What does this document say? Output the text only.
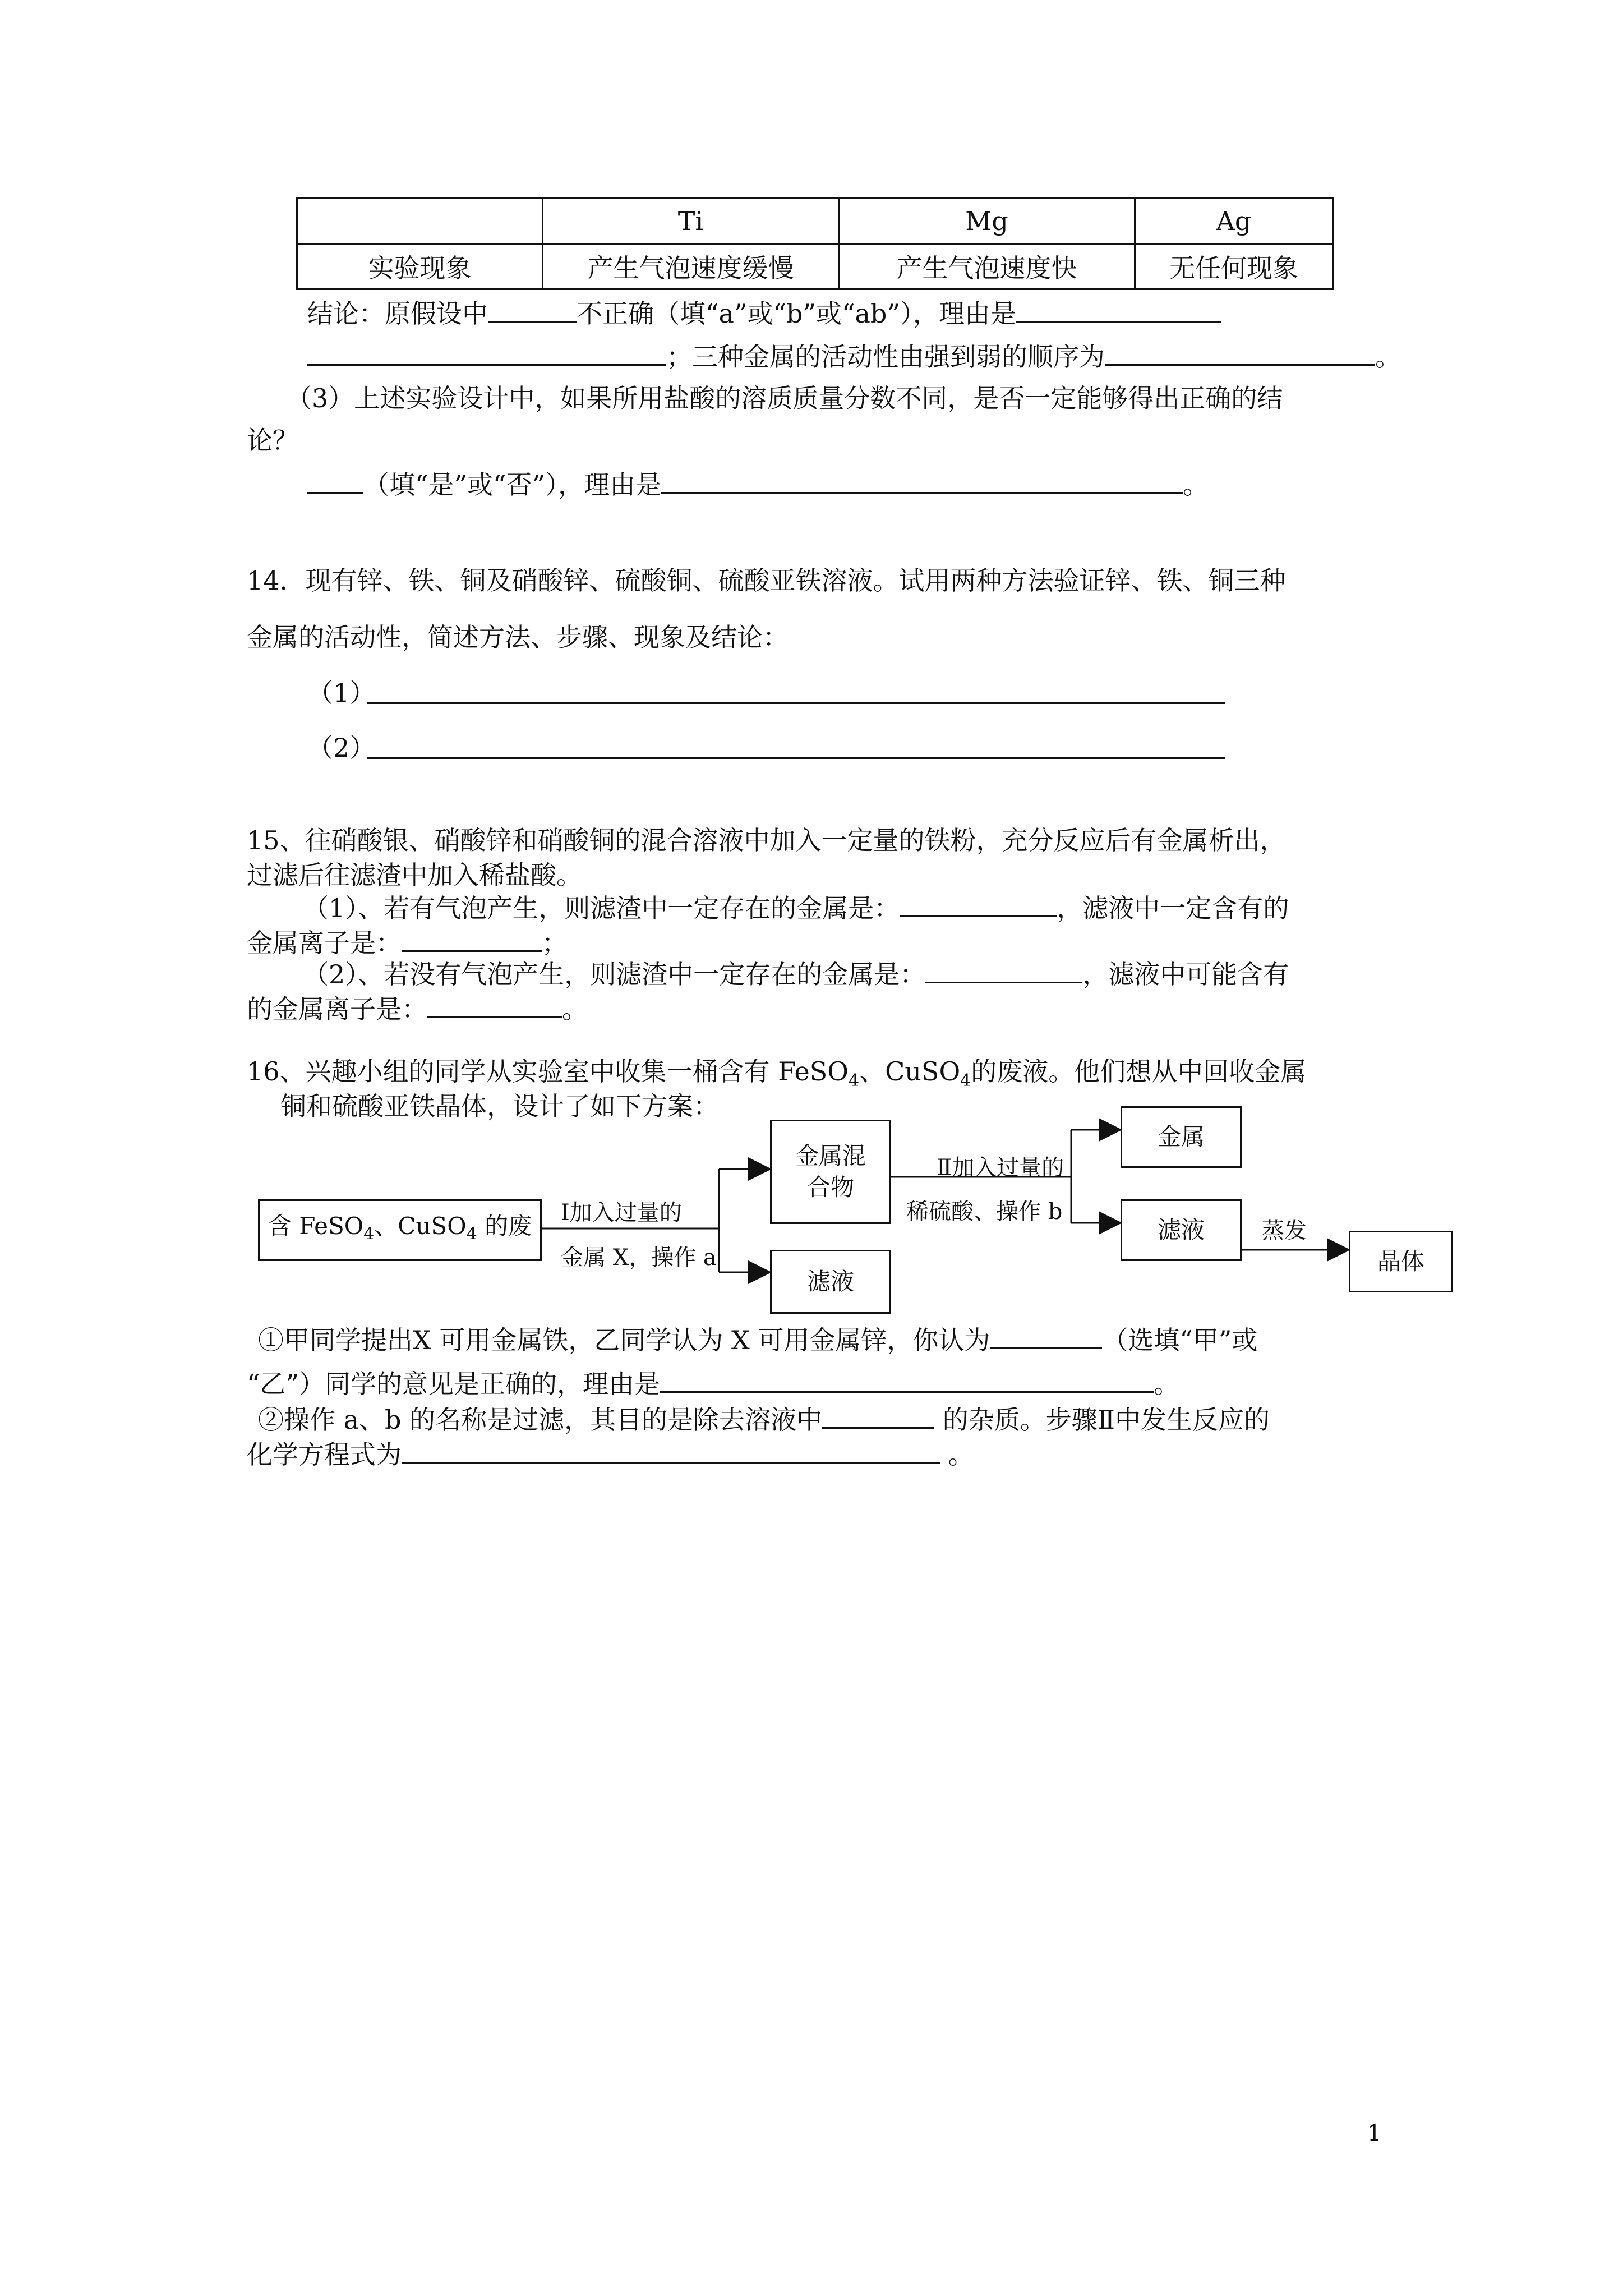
	Ti	Mg	Ag
实验现象	产生气泡速度缓慢	产生气泡速度快	无任何现象
结论：原假设中	不正确（填“a”或“b”或“ab”），理由是
；三种金属的活动性由强到弱的顺序为	。
（3）上述实验设计中，如果所用盐酸的溶质质量分数不同，是否一定能够得出正确的结
论？
（填“是”或“否”），理由是	。
14．现有锌、铁、铜及硝酸锌、硫酸铜、硫酸亚铁溶液。试用两种方法验证锌、铁、铜三种
金属的活动性，简述方法、步骤、现象及结论：
（1）
（2）
15、往硝酸银、硝酸锌和硝酸铜的混合溶液中加入一定量的铁粉，充分反应后有金属析出，
过滤后往滤渣中加入稀盐酸。
（1）、若有气泡产生，则滤渣中一定存在的金属是：	，滤液中一定含有的
金属离子是：	；
（2）、若没有气泡产生，则滤渣中一定存在的金属是：	，滤液中可能含有
的金属离子是：	。
16、兴趣小组的同学从实验室中收集一桶含有 FeSO$_4$、CuSO$_4$的废液。他们想从中回收金属
铜和硫酸亚铁晶体，设计了如下方案：
含 FeSO$_4$、CuSO$_4$ 的废 Ⅰ加入过量的
金属 X，操作 a
金属混
合物
滤液
Ⅱ加入过量的
稀硫酸、操作 b
金属
滤液	蒸发
晶体
①甲同学提出X 可用金属铁，乙同学认为 X 可用金属锌，你认为	（选填“甲”或
“乙”）同学的意见是正确的，理由是	。
②操作 a、b 的名称是过滤，其目的是除去溶液中	的杂质。步骤Ⅱ中发生反应的
化学方程式为	。
1
